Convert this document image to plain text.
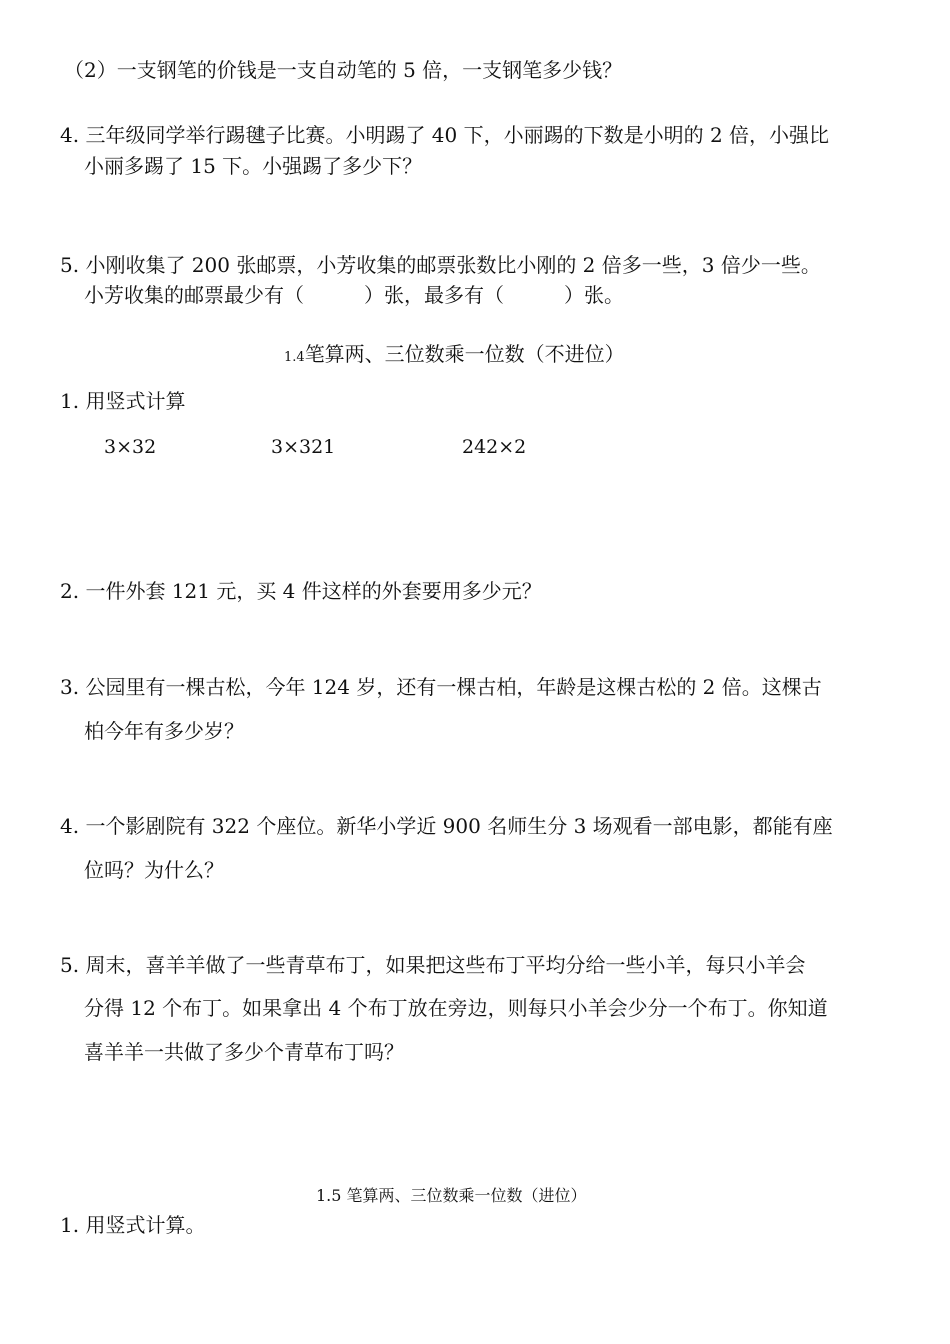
（2）一支钢笔的价钱是一支自动笔的 5 倍，一支钢笔多少钱？
4. 三年级同学举行踢毽子比赛。小明踢了 40 下，小丽踢的下数是小明的 2 倍，小强比
小丽多踢了 15 下。小强踢了多少下？
5. 小刚收集了 200 张邮票，小芳收集的邮票张数比小刚的 2 倍多一些，3 倍少一些。
小芳收集的邮票最少有（　　　）张，最多有（　　　）张。
1.4笔算两、三位数乘一位数（不进位）
1. 用竖式计算
3×32	3×321	242×2
2. 一件外套 121 元，买 4 件这样的外套要用多少元？
3. 公园里有一棵古松，今年 124 岁，还有一棵古柏，年龄是这棵古松的 2 倍。这棵古
柏今年有多少岁？
4. 一个影剧院有 322 个座位。新华小学近 900 名师生分 3 场观看一部电影，都能有座
位吗？为什么？
5. 周末，喜羊羊做了一些青草布丁，如果把这些布丁平均分给一些小羊，每只小羊会
分得 12 个布丁。如果拿出 4 个布丁放在旁边，则每只小羊会少分一个布丁。你知道
喜羊羊一共做了多少个青草布丁吗？
1.5 笔算两、三位数乘一位数（进位）
1. 用竖式计算。
